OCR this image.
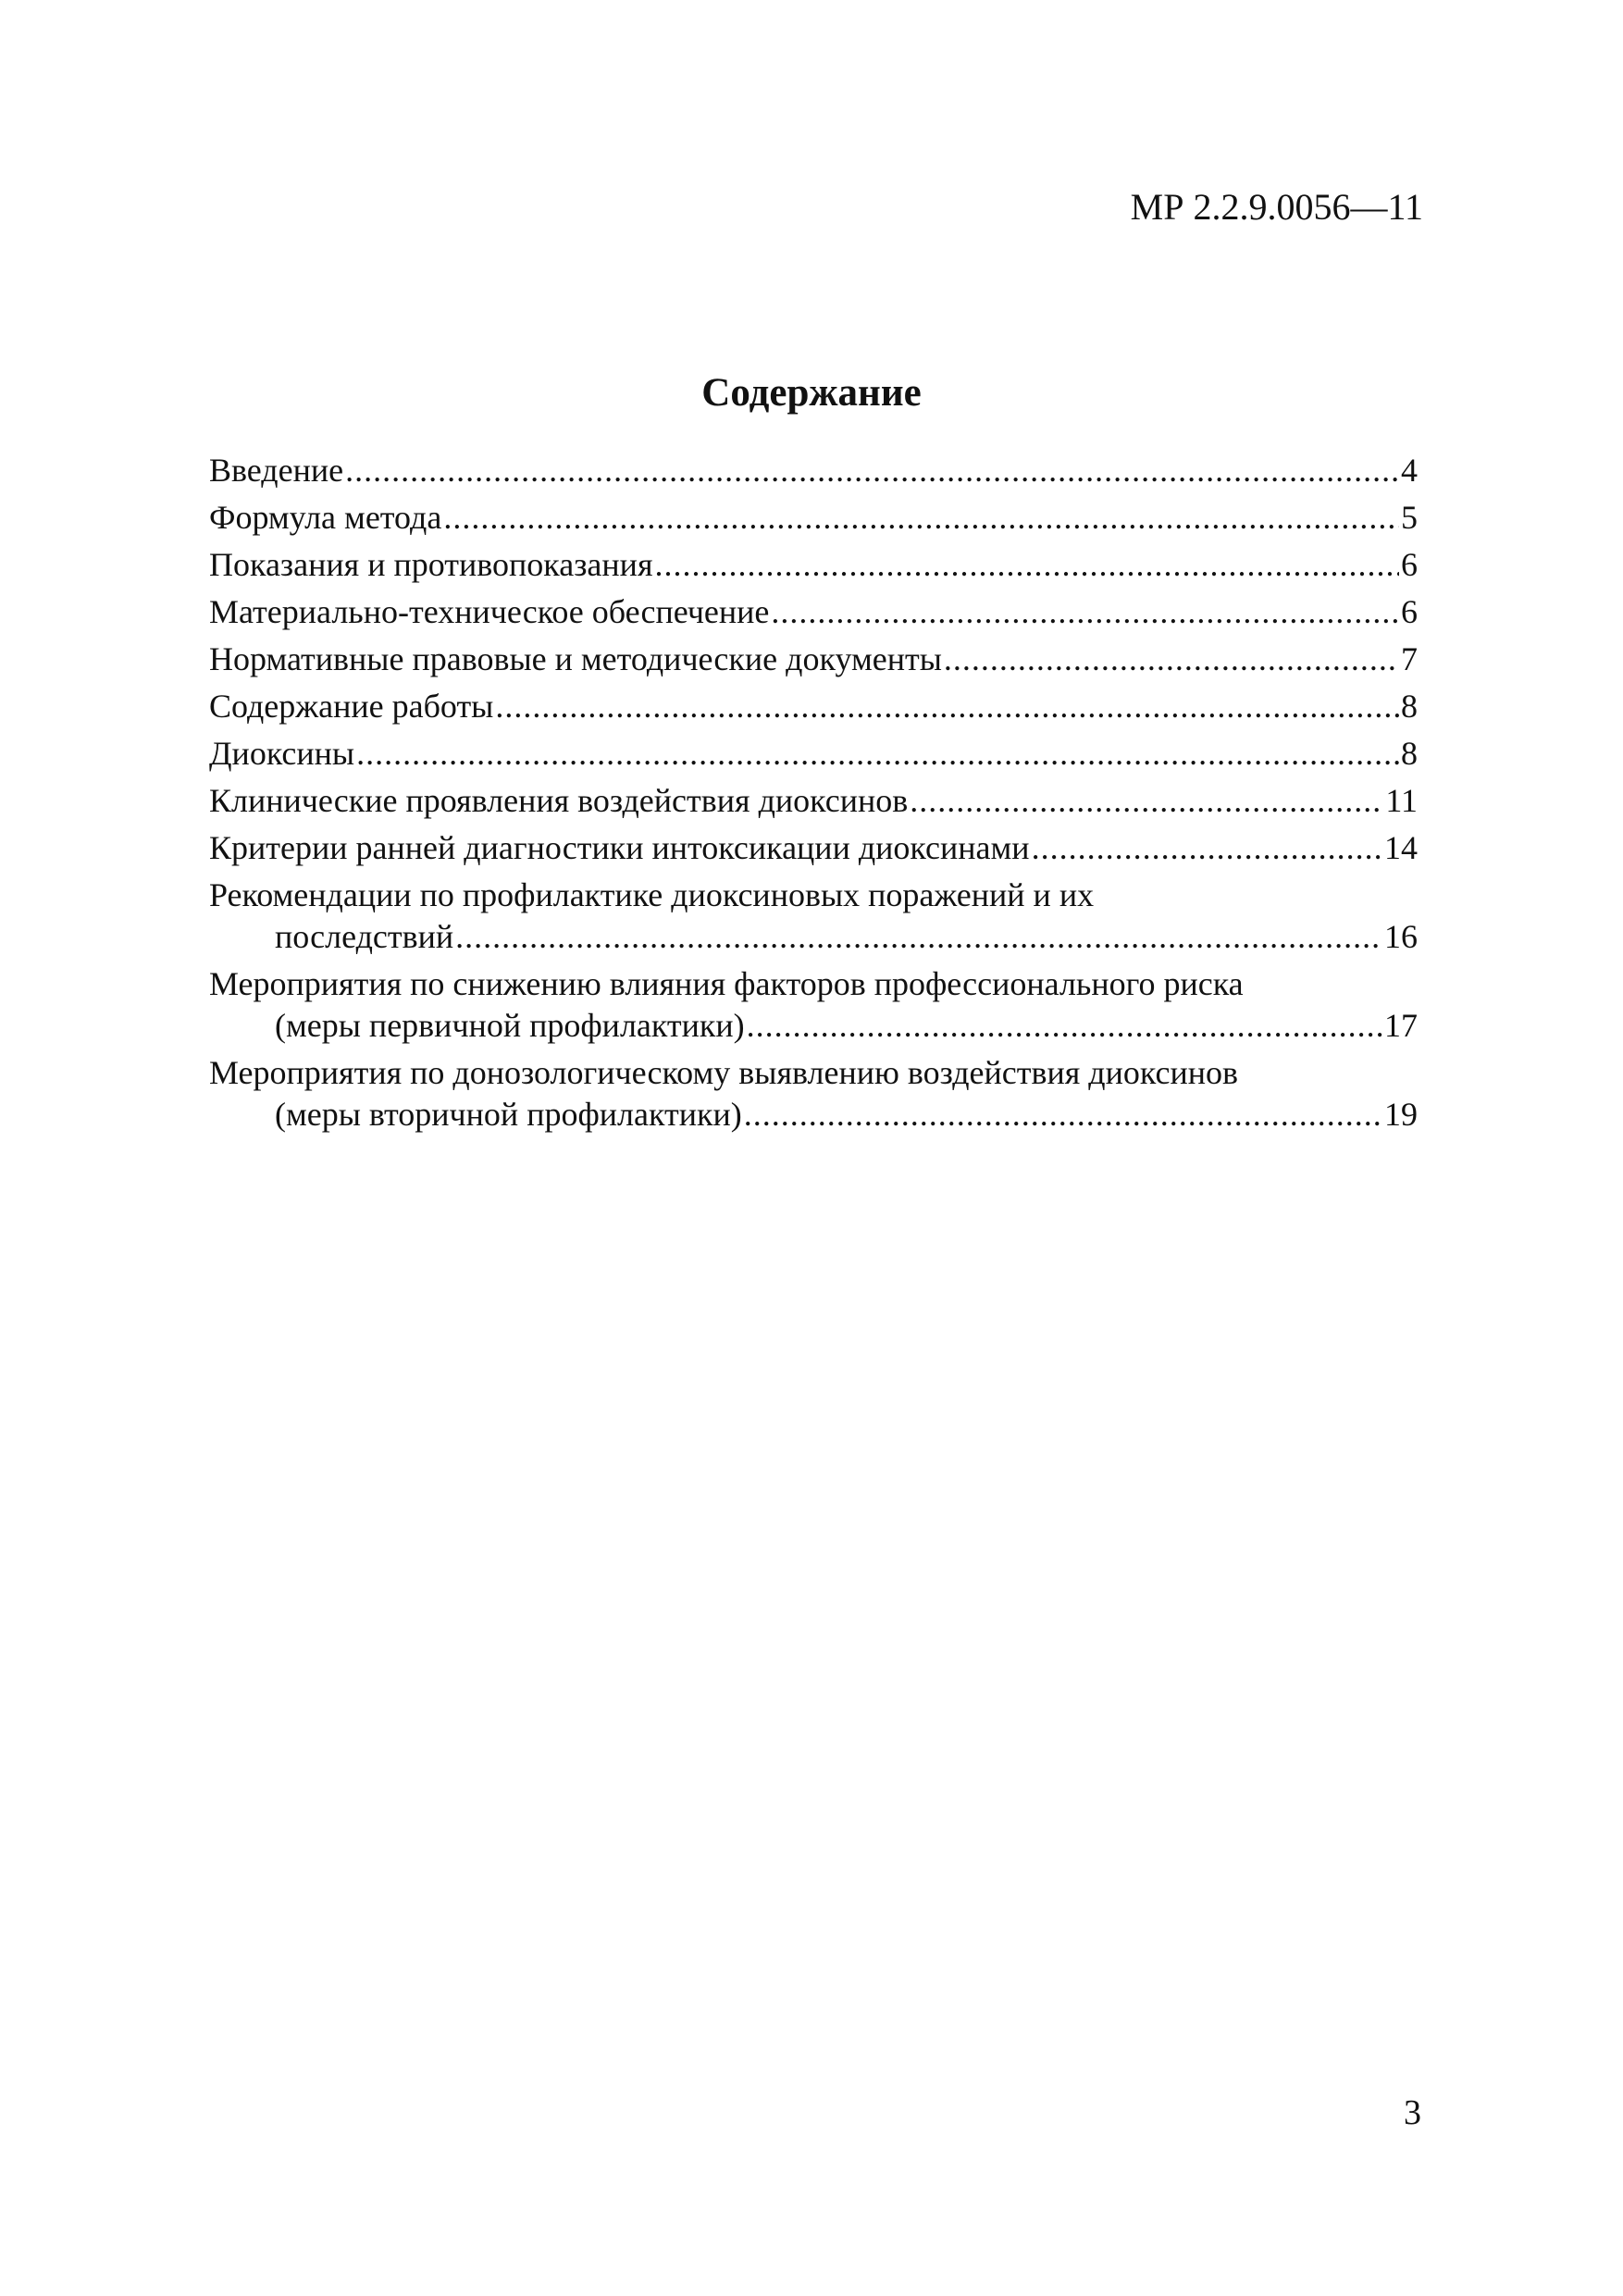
МР 2.2.9.0056—11
Содержание
Введение .....	4
Формула метода .....	5
Показания и противопоказания .....	6
Материально-техническое обеспечение .....	6
Нормативные правовые и методические документы .....	7
Содержание работы .....	8
Диоксины .....	8
Клинические проявления воздействия диоксинов .....	11
Критерии ранней диагностики интоксикации диоксинами .....	14
Рекомендации по профилактике диоксиновых поражений и их
последствий .....	16
Мероприятия по снижению влияния факторов профессионального риска
(меры первичной профилактики) .....	17
Мероприятия по донозологическому выявлению воздействия диоксинов
(меры вторичной профилактики) .....	19
3
